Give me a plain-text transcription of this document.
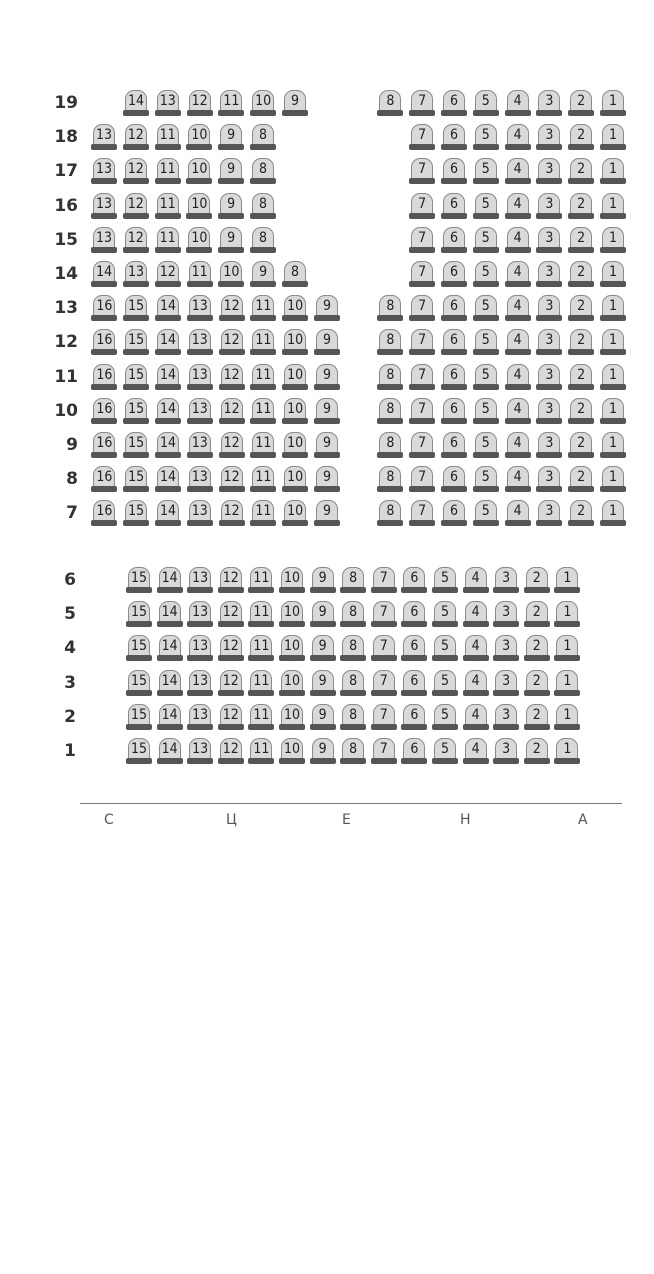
19	14	13	12	11	10	9	8	7	6	5	4	3	2	1
18	13	12	11	10	9	8	7	6	5	4	3	2	1
17	13	12	11	10	9	8	7	6	5	4	3	2	1
16	13	12	11	10	9	8	7	6	5	4	3	2	1
15	13	12	11	10	9	8	7	6	5	4	3	2	1
14	14	13	12	11	10	9	8	7	6	5	4	3	2	1
13	16	15	14	13	12	11	10	9	8	7	6	5	4	3	2	1
12	16	15	14	13	12	11	10	9	8	7	6	5	4	3	2	1
11	16	15	14	13	12	11	10	9	8	7	6	5	4	3	2	1
10	16	15	14	13	12	11	10	9	8	7	6	5	4	3	2	1
9	16	15	14	13	12	11	10	9	8	7	6	5	4	3	2	1
8	16	15	14	13	12	11	10	9	8	7	6	5	4	3	2	1
7	16	15	14	13	12	11	10	9	8	7	6	5	4	3	2	1
6	15	14	13	12	11	10	9	8	7	6	5	4	3	2	1
5	15	14	13	12	11	10	9	8	7	6	5	4	3	2	1
4	15	14	13	12	11	10	9	8	7	6	5	4	3	2	1
3	15	14	13	12	11	10	9	8	7	6	5	4	3	2	1
2	15	14	13	12	11	10	9	8	7	6	5	4	3	2	1
1	15	14	13	12	11	10	9	8	7	6	5	4	3	2	1
С	Ц	Е	Н	А
